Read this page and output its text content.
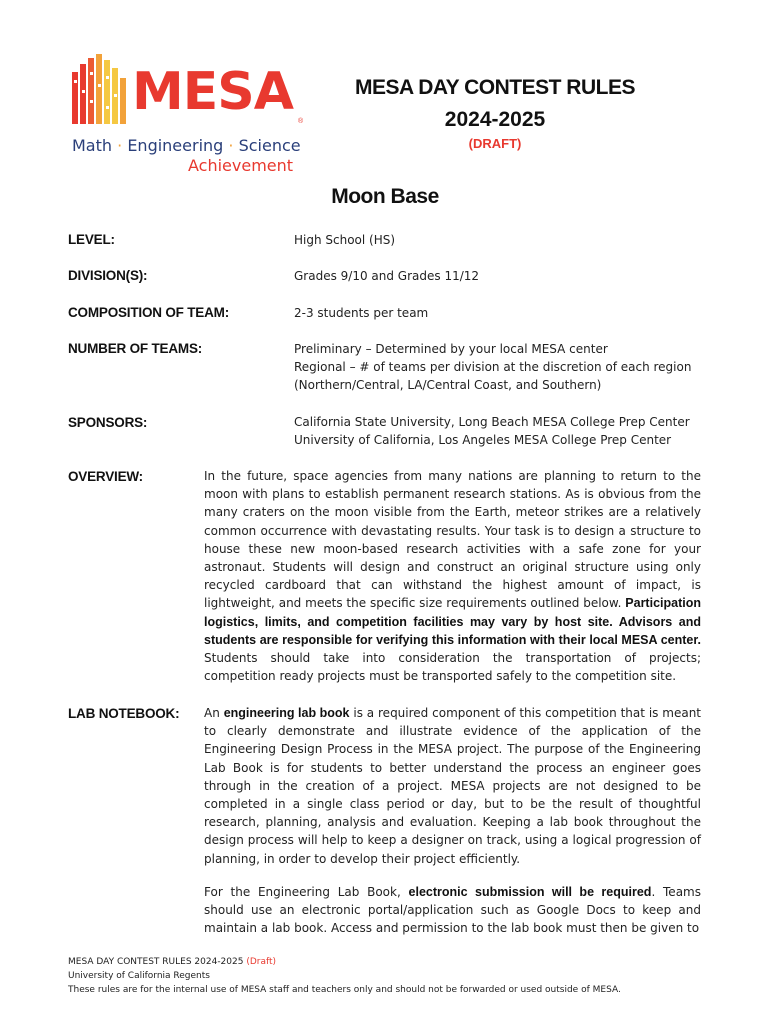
MESA ®
Math · Engineering · Science
Achievement
MESA DAY CONTEST RULES
2024-2025
(DRAFT)
Moon Base
LEVEL:	High School (HS)
DIVISION(S):	Grades 9/10 and Grades 11/12
COMPOSITION OF TEAM:	2-3 students per team
NUMBER OF TEAMS:	Preliminary – Determined by your local MESA center
Regional – # of teams per division at the discretion of each region
(Northern/Central, LA/Central Coast, and Southern)
SPONSORS:	California State University, Long Beach MESA College Prep Center
University of California, Los Angeles MESA College Prep Center
OVERVIEW:	In the future, space agencies from many nations are planning to return to the moon with plans to establish permanent research stations. As is obvious from the many craters on the moon visible from the Earth, meteor strikes are a relatively common occurrence with devastating results. Your task is to design a structure to house these new moon-based research activities with a safe zone for your astronaut. Students will design and construct an original structure using only recycled cardboard that can withstand the highest amount of impact, is lightweight, and meets the specific size requirements outlined below. Participation logistics, limits, and competition facilities may vary by host site. Advisors and students are responsible for verifying this information with their local MESA center. Students should take into consideration the transportation of projects; competition ready projects must be transported safely to the competition site.
LAB NOTEBOOK: An engineering lab book is a required component of this competition that is meant to clearly demonstrate and illustrate evidence of the application of the Engineering Design Process in the MESA project. The purpose of the Engineering Lab Book is for students to better understand the process an engineer goes through in the creation of a project. MESA projects are not designed to be completed in a single class period or day, but to be the result of thoughtful research, planning, analysis and evaluation. Keeping a lab book throughout the design process will help to keep a designer on track, using a logical progression of planning, in order to develop their project efficiently.
For the Engineering Lab Book, electronic submission will be required. Teams should use an electronic portal/application such as Google Docs to keep and maintain a lab book. Access and permission to the lab book must then be given to
MESA DAY CONTEST RULES 2024-2025 (Draft)
University of California Regents
These rules are for the internal use of MESA staff and teachers only and should not be forwarded or used outside of MESA.
